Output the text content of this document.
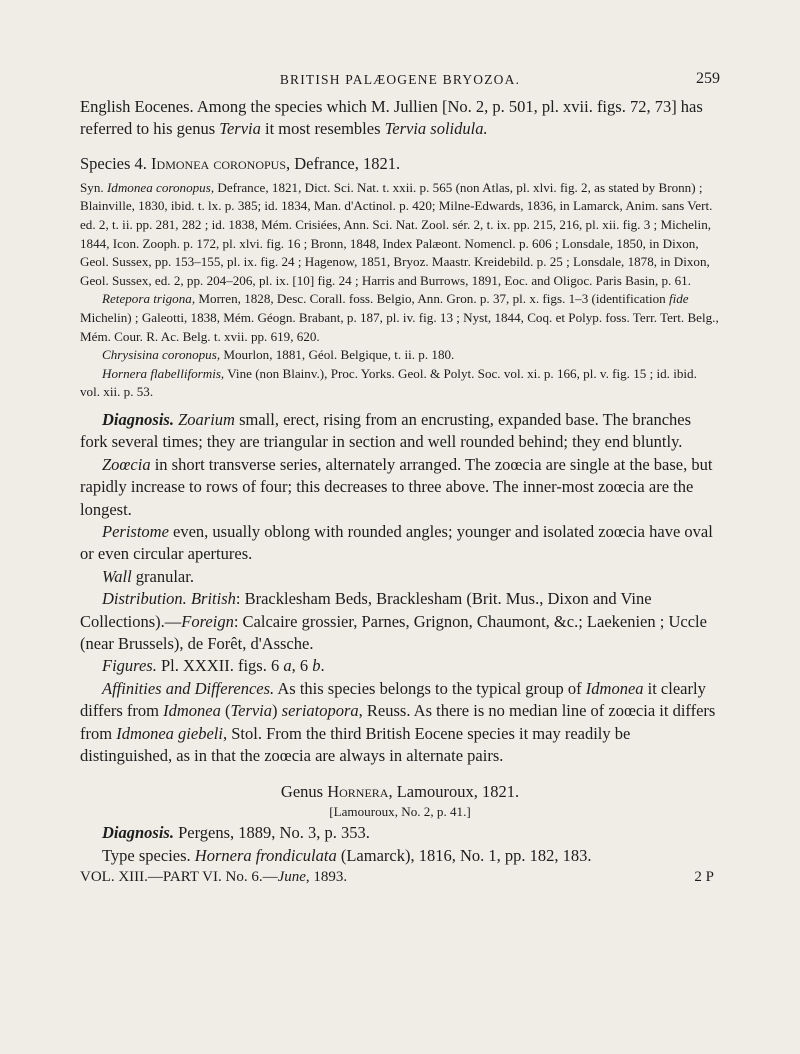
BRITISH PALÆOGENE BRYOZOA.	259

English Eocenes. Among the species which M. Jullien [No. 2, p. 501, pl. xvii. figs. 72, 73] has referred to his genus Tervia it most resembles Tervia solidula.

Species 4. Idmonea coronopus, Defrance, 1821.

Syn. Idmonea coronopus, Defrance, 1821, Dict. Sci. Nat. t. xxii. p. 565 (non Atlas, pl. xlvi. fig. 2, as stated by Bronn) ; Blainville, 1830, ibid. t. lx. p. 385; id. 1834, Man. d'Actinol. p. 420; Milne-Edwards, 1836, in Lamarck, Anim. sans Vert. ed. 2, t. ii. pp. 281, 282 ; id. 1838, Mém. Crisiées, Ann. Sci. Nat. Zool. sér. 2, t. ix. pp. 215, 216, pl. xii. fig. 3 ; Michelin, 1844, Icon. Zooph. p. 172, pl. xlvi. fig. 16 ; Bronn, 1848, Index Palæont. Nomencl. p. 606 ; Lonsdale, 1850, in Dixon, Geol. Sussex, pp. 153–155, pl. ix. fig. 24 ; Hagenow, 1851, Bryoz. Maastr. Kreidebild. p. 25 ; Lonsdale, 1878, in Dixon, Geol. Sussex, ed. 2, pp. 204–206, pl. ix. [10] fig. 24 ; Harris and Burrows, 1891, Eoc. and Oligoc. Paris Basin, p. 61.

Retepora trigona, Morren, 1828, Desc. Corall. foss. Belgio, Ann. Gron. p. 37, pl. x. figs. 1–3 (identification fide Michelin) ; Galeotti, 1838, Mém. Géogn. Brabant, p. 187, pl. iv. fig. 13 ; Nyst, 1844, Coq. et Polyp. foss. Terr. Tert. Belg., Mém. Cour. R. Ac. Belg. t. xvii. pp. 619, 620.

Chrysisina coronopus, Mourlon, 1881, Géol. Belgique, t. ii. p. 180.

Hornera flabelliformis, Vine (non Blainv.), Proc. Yorks. Geol. & Polyt. Soc. vol. xi. p. 166, pl. v. fig. 15 ; id. ibid. vol. xii. p. 53.

Diagnosis. Zoarium small, erect, rising from an encrusting, expanded base. The branches fork several times; they are triangular in section and well rounded behind; they end bluntly.

Zoœcia in short transverse series, alternately arranged. The zoœcia are single at the base, but rapidly increase to rows of four; this decreases to three above. The inner-most zoœcia are the longest.

Peristome even, usually oblong with rounded angles; younger and isolated zoœcia have oval or even circular apertures.

Wall granular.

Distribution. British: Bracklesham Beds, Bracklesham (Brit. Mus., Dixon and Vine Collections).—Foreign: Calcaire grossier, Parnes, Grignon, Chaumont, &c.; Laekenien ; Uccle (near Brussels), de Forêt, d'Assche.

Figures. Pl. XXXII. figs. 6 a, 6 b.

Affinities and Differences. As this species belongs to the typical group of Idmonea it clearly differs from Idmonea (Tervia) seriatopora, Reuss. As there is no median line of zoœcia it differs from Idmonea giebeli, Stol. From the third British Eocene species it may readily be distinguished, as in that the zoœcia are always in alternate pairs.

Genus Hornera, Lamouroux, 1821.

[Lamouroux, No. 2, p. 41.]

Diagnosis. Pergens, 1889, No. 3, p. 353.

Type species. Hornera frondiculata (Lamarck), 1816, No. 1, pp. 182, 183.

VOL. XIII.—PART VI. No. 6.—June, 1893.	2 P
